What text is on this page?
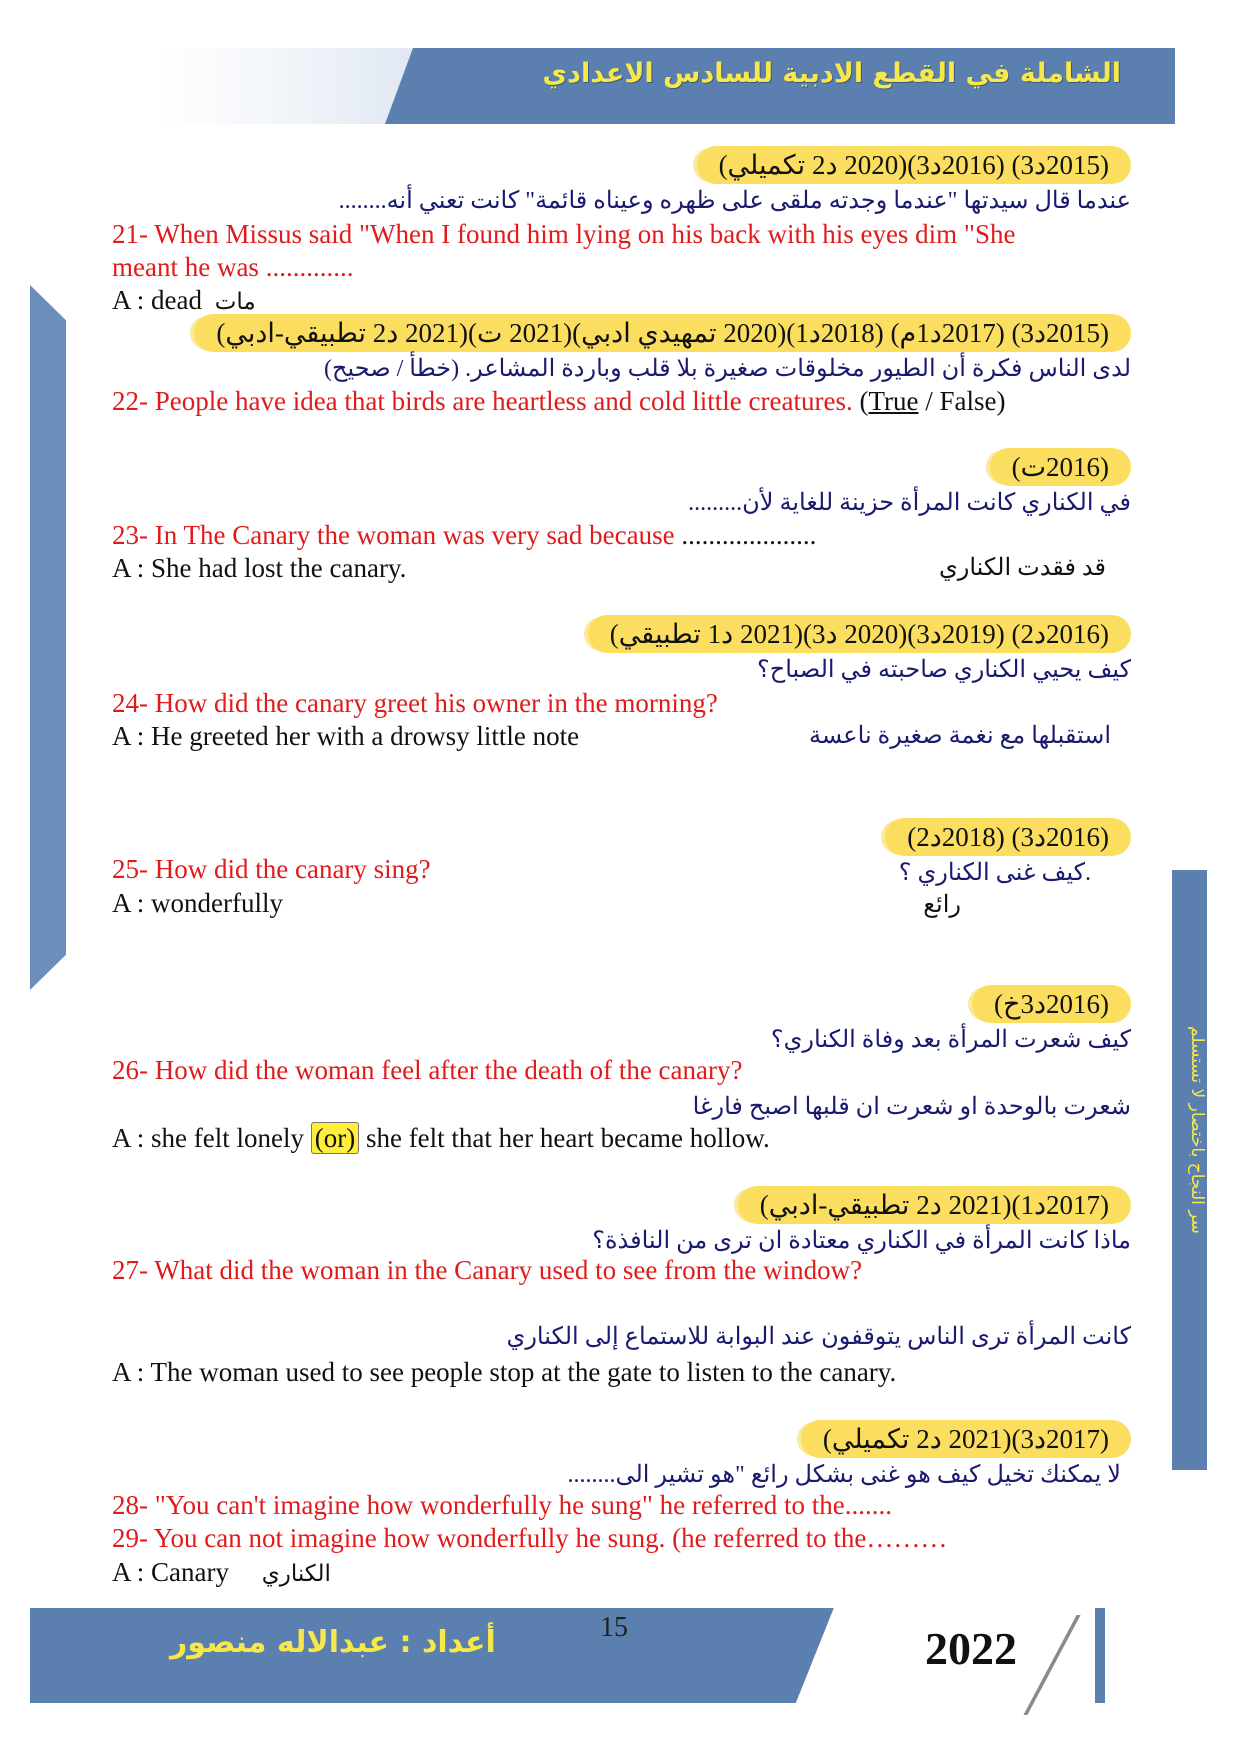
الشاملة في القطع الادبية للسادس الاعدادي
سر النجاح باختصار لا تستسلم
(2015د3) (2016د3)(2020 د2 تكميلي)
عندما قال سيدتها "عندما وجدته ملقى على ظهره وعيناه قائمة" كانت تعني أنه........
21- When Missus said "When I found him lying on his back with his eyes dim "She
meant he was .............
A : dead مات
(2015د3) (2017د1م) (2018د1)(2020 تمهيدي ادبي)(2021 ت)(2021 د2 تطبيقي-ادبي)
لدى الناس فكرة أن الطيور مخلوقات صغيرة بلا قلب وباردة المشاعر. (خطأ / صحيح)
22- People have idea that birds are heartless and cold little creatures. (True / False)
(2016ت)
في الكناري كانت المرأة حزينة للغاية لأن.........
23- In The Canary the woman was very sad because ....................
A : She had lost the canary.	قد فقدت الكناري
(2016د2) (2019د3)(2020 د3)(2021 د1 تطبيقي)
كيف يحيي الكناري صاحبته في الصباح؟
24- How did the canary greet his owner in the morning?
A : He greeted her with a drowsy little note	استقبلها مع نغمة صغيرة ناعسة
(2016د3) (2018د2)
.كيف غنى الكناري ؟
25- How did the canary sing?
A : wonderfully	رائع
(2016د3خ)
كيف شعرت المرأة بعد وفاة الكناري؟
26- How did the woman feel after the death of the canary?
شعرت بالوحدة او شعرت ان قلبها اصبح فارغا
A : she felt lonely (or) she felt that her heart became hollow.
(2017د1)(2021 د2 تطبيقي-ادبي)
ماذا كانت المرأة في الكناري معتادة ان ترى من النافذة؟
27- What did the woman in the Canary used to see from the window?
كانت المرأة ترى الناس يتوقفون عند البوابة للاستماع إلى الكناري
A : The woman used to see people stop at the gate to listen to the canary.
(2017د3)(2021 د2 تكميلي)
لا يمكنك تخيل كيف هو غنى بشكل رائع "هو تشير الى........
28- "You can't imagine how wonderfully he sung" he referred to the.......
29- You can not imagine how wonderfully he sung. (he referred to the………
A : Canary الكناري
2022
أعداد : عبدالاله منصور	15
